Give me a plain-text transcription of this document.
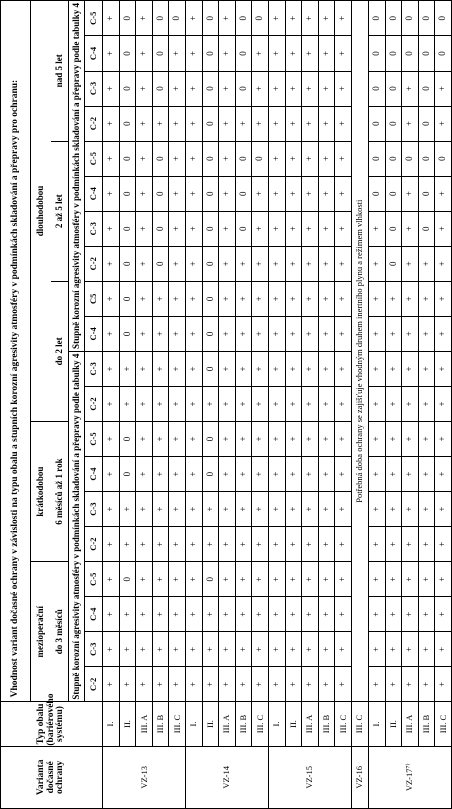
Varianta dočasné ochrany	Typ obalu (bariérového systému)	Vhodnost variant dočasné ochrany v závislosti na typu obalu a stupních korozní agresivity atmosféry v podmínkách skladování a přepravy pro ochranu:																			
		mezioperační				krátkodobou				dlouhodobou											
		do 3 měsíců				6 měsíců až 1 rok				do 2 let				2 až 5 let				nad 5 let			
		Stupně korozní agresivity atmosféry v podmínkách skladování a přepravy podle tabulky 4										Stupně korozní agresivity atmosféry v podmínkách skladování a přepravy podle tabulky 4									
		C-2	C-3	C-4	C-5	C-2	C-3	C-4	C-5	C-2	C-3	C-4	C5	C-2	C-3	C-4	C-5	C-2	C-3	C-4	C-5
VZ-13	I.	+	+	+	+	+	+	+	+	+	+	+	+	+	+	+	+	+	+	+	+
	II.	+	+	+	0	+	+	0	0	+	+	0	0	0	0	0	0	0	0	0	0
	III. A	+	+	+	+	+	+	+	+	+	+	+	+	+	+	+	+	+	+	+	+
	III. B	+	+	+	+	+	+	+	+	+	+	+	+	0	0	0	0	+	0	0	0
	III. C	+	+	+	+	+	+	+	+	+	+	+	+	+	+	+	+	+	+	+	0
VZ-14	I.	+	+	+	+	+	+	+	+	+	+	+	+	+	+	+	+	+	+	+	+
	II.	+	+	+	0	+	+	0	0	+	0	0	0	0	0	0	0	0	0	0	0
	III. A	+	+	+	+	+	+	+	+	+	+	+	+	+	+	+	+	+	+	+	+
	III. B	+	+	+	+	+	+	+	+	+	+	+	+	+	0	0	0	+	0	0	0
	III. C	+	+	+	+	+	+	+	+	+	+	+	+	+	+	+	0	+	+	+	0
VZ-15	I.	+	+	+	+	+	+	+	+	+	+	+	+	+	+	+	+	+	+	+	+
	II.	+	+	+	+	+	+	+	+	+	+	+	+	+	+	+	+	+	+	+	+
	III. A	+	+	+	+	+	+	+	+	+	+	+	+	+	+	+	+	+	+	+	+
	III. B	+	+	+	+	+	+	+	+	+	+	+	+	+	+	+	+	+	+	+	+
	III. C	+	+	+	+	+	+	+	+	+	+	+	+	+	+	+	+	+	+	+	+
VZ-16	III. C	Potřebná doba ochrany se zajišťuje vhodným druhem inertního plynu a režimem vlhkosti																			
VZ-17⁷⁾	I.	+	+	+	+	+	+	+	+	+	+	+	+	+	+	0	0	0	0	0	0
	II.	+	+	+	+	+	+	+	+	+	+	+	+	0	0	0	0	0	0	0	0
	III. A	+	+	+	+	+	+	+	+	+	+	+	+	+	+	+	0	+	+	0	0
	III. B	+	+	+	+	+	+	+	+	+	+	+	+	+	0	0	0	0	0	0	0
	III. C	+	+	+	+	+	+	+	+	+	+	+	+	+	+	+	0	+	+	0	0
